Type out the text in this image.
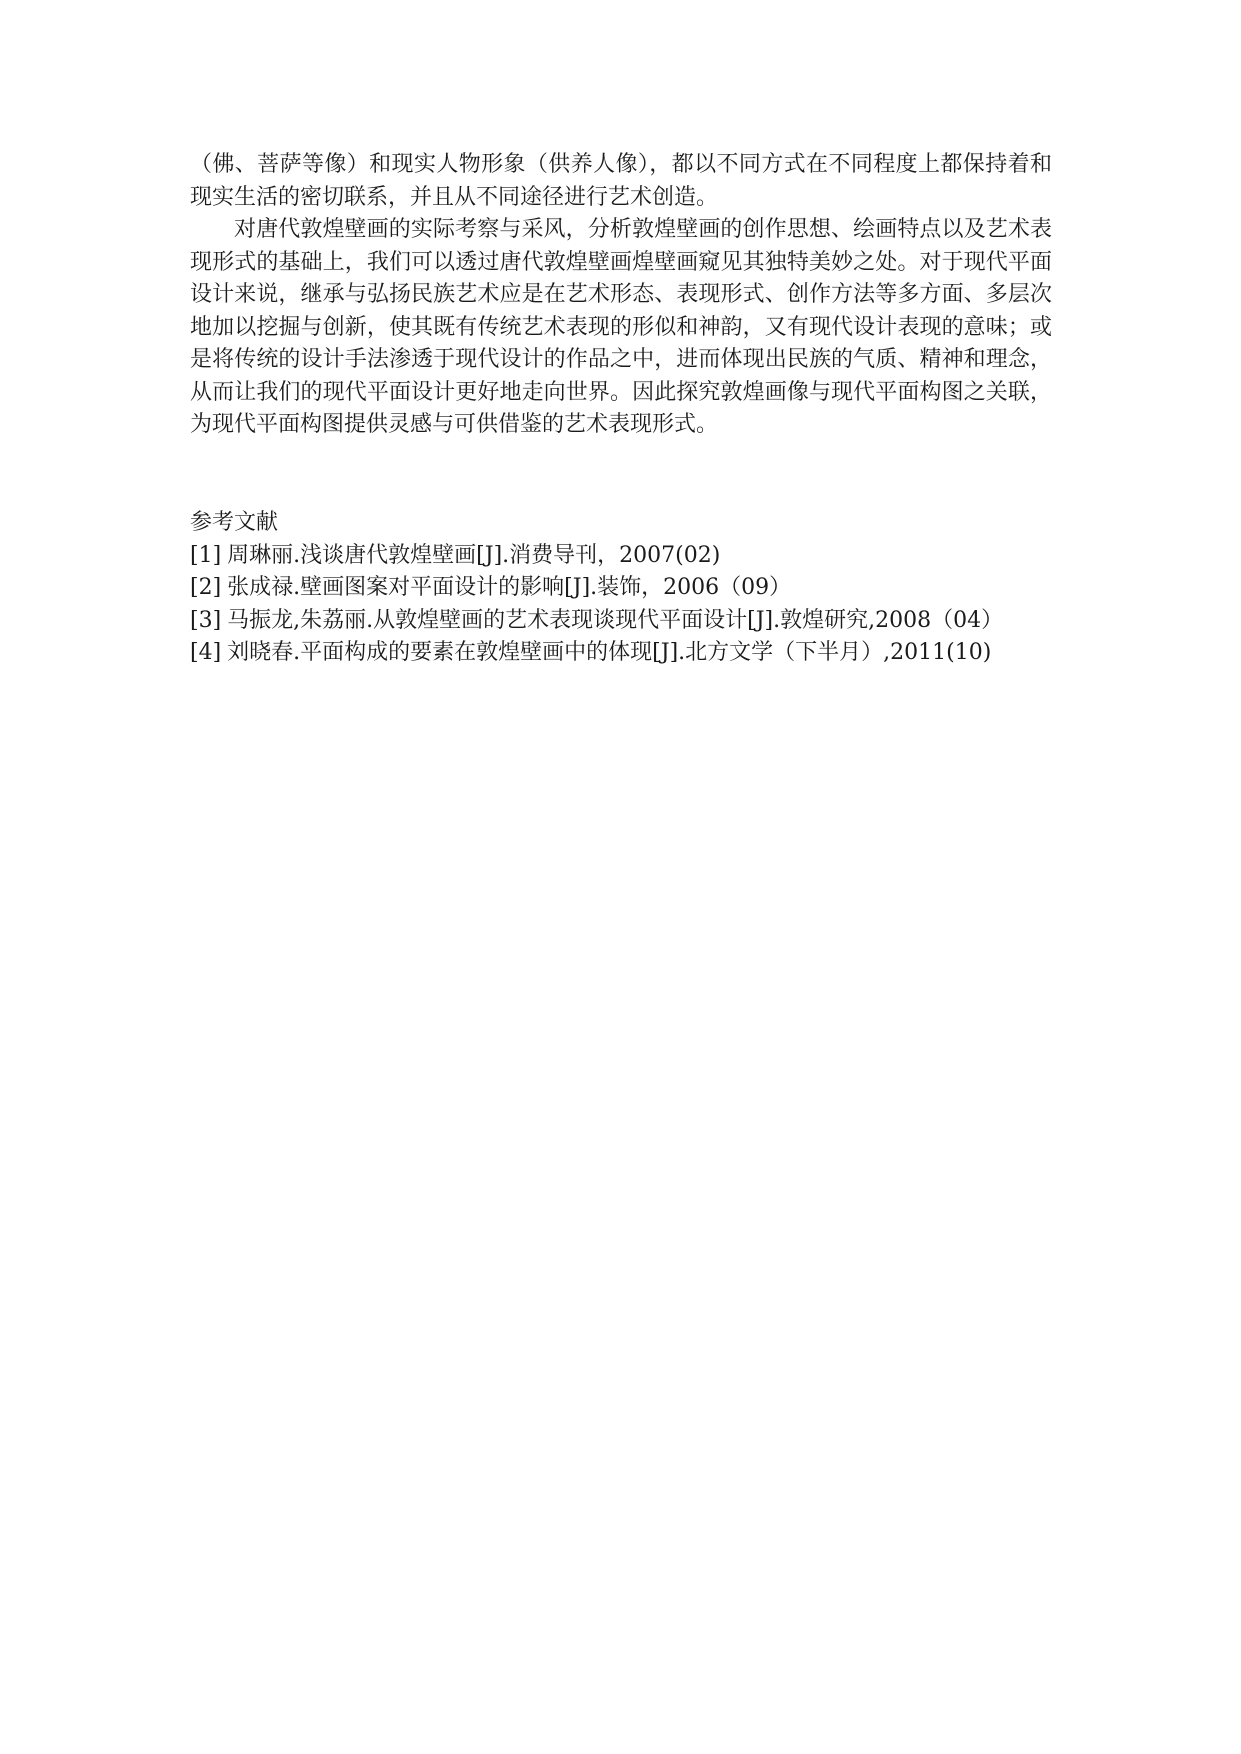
（佛、菩萨等像）和现实人物形象（供养人像），都以不同方式在不同程度上都保持着和现实生活的密切联系，并且从不同途径进行艺术创造。

对唐代敦煌壁画的实际考察与采风，分析敦煌壁画的创作思想、绘画特点以及艺术表现形式的基础上，我们可以透过唐代敦煌壁画煌壁画窥见其独特美妙之处。对于现代平面设计来说，继承与弘扬民族艺术应是在艺术形态、表现形式、创作方法等多方面、多层次地加以挖掘与创新，使其既有传统艺术表现的形似和神韵，又有现代设计表现的意味；或是将传统的设计手法渗透于现代设计的作品之中，进而体现出民族的气质、精神和理念，从而让我们的现代平面设计更好地走向世界。因此探究敦煌画像与现代平面构图之关联，为现代平面构图提供灵感与可供借鉴的艺术表现形式。

参考文献
[1] 周琳丽.浅谈唐代敦煌壁画[J].消费导刊，2007(02)
[2] 张成禄.壁画图案对平面设计的影响[J].装饰，2006（09）
[3] 马振龙,朱荔丽.从敦煌壁画的艺术表现谈现代平面设计[J].敦煌研究,2008（04）
[4] 刘晓春.平面构成的要素在敦煌壁画中的体现[J].北方文学（下半月）,2011(10)
